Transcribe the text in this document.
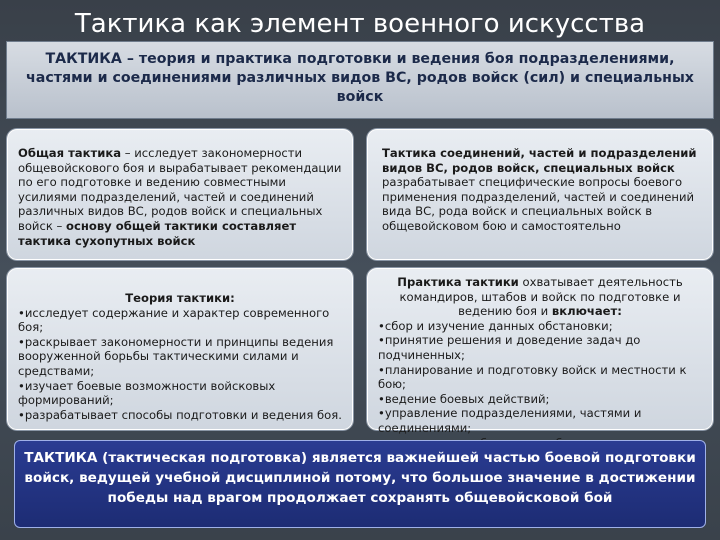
Тактика как элемент военного искусства
ТАКТИКА – теория и практика подготовки и ведения боя подразделениями, частями и соединениями различных видов ВС, родов войск (сил) и специальных войск
Общая тактика – исследует закономерности общевойскового боя и вырабатывает рекомендации по его подготовке и ведению совместными усилиями подразделений, частей и соединений различных видов ВС, родов войск и специальных войск – основу общей тактики составляет тактика сухопутных войск
Тактика соединений, частей и подразделений видов ВС, родов войск, специальных войск разрабатывает специфические вопросы боевого применения подразделений, частей и соединений вида ВС, рода войск и специальных войск в общевойсковом бою и самостоятельно
Теория тактики:
•исследует содержание и характер современного боя;
•раскрывает закономерности и принципы ведения вооруженной борьбы тактическими силами и средствами;
•изучает боевые возможности войсковых формирований;
•разрабатывает способы подготовки и ведения боя.
Практика тактики охватывает деятельность командиров, штабов и войск по подготовке и ведению боя и включает:
•сбор и изучение данных обстановки;
•принятие решения и доведение задач до подчиненных;
•планирование и подготовку войск и местности к бою;
•ведение боевых действий;
•управление подразделениями, частями и соединениями;
ТАКТИКА (тактическая подготовка) является важнейшей частью боевой подготовки войск, ведущей учебной дисциплиной потому, что большое значение в достижении победы над врагом продолжает сохранять общевойсковой бой
